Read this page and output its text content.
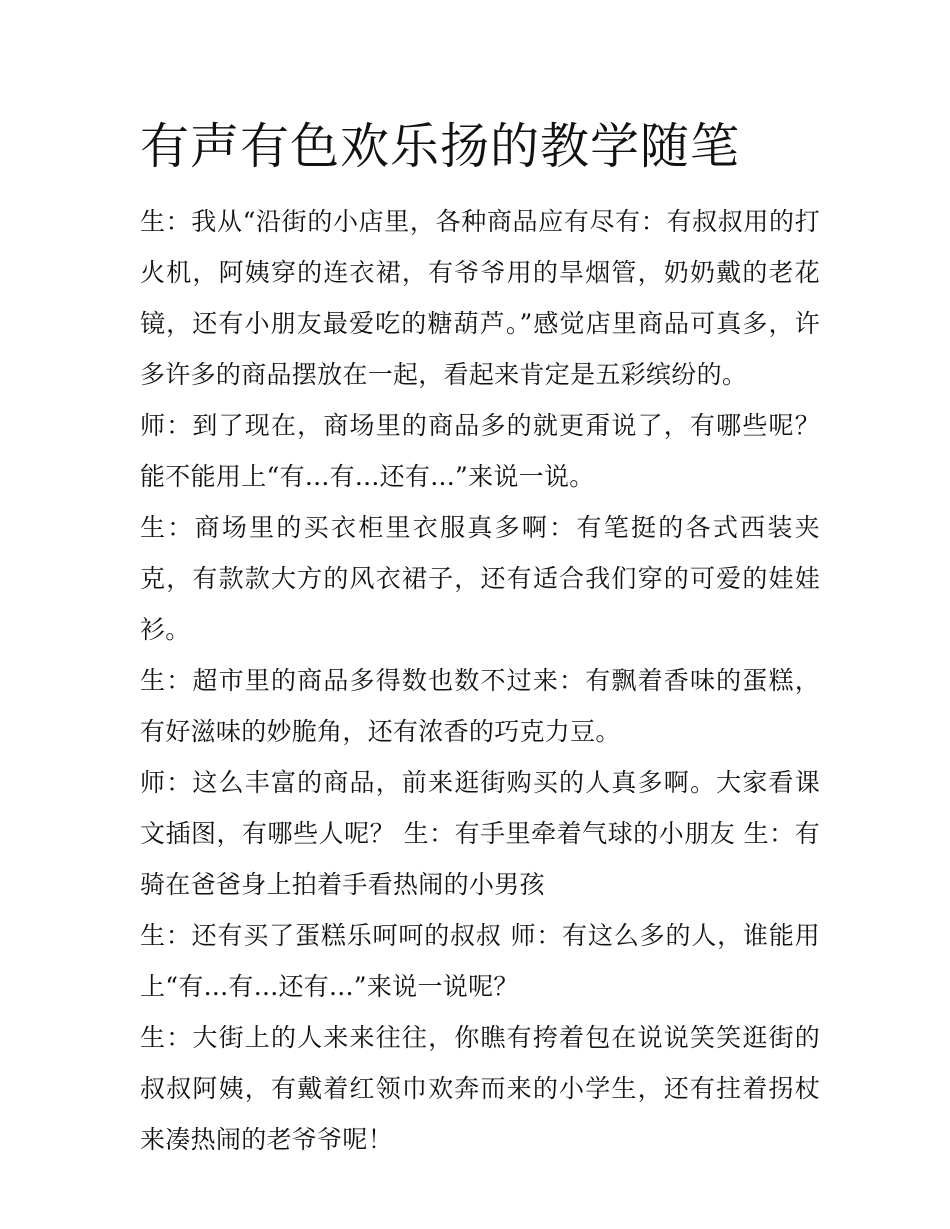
有声有色欢乐扬的教学随笔

生：我从“沿街的小店里，各种商品应有尽有：有叔叔用的打火机，阿姨穿的连衣裙，有爷爷用的旱烟管，奶奶戴的老花镜，还有小朋友最爱吃的糖葫芦。”感觉店里商品可真多，许多许多的商品摆放在一起，看起来肯定是五彩缤纷的。

师：到了现在，商场里的商品多的就更甭说了，有哪些呢？能不能用上“有...有...还有...”来说一说。

生：商场里的买衣柜里衣服真多啊：有笔挺的各式西装夹克，有款款大方的风衣裙子，还有适合我们穿的可爱的娃娃衫。

生：超市里的商品多得数也数不过来：有飘着香味的蛋糕，有好滋味的妙脆角，还有浓香的巧克力豆。

师：这么丰富的商品，前来逛街购买的人真多啊。大家看课文插图，有哪些人呢？ 生：有手里牵着气球的小朋友 生：有骑在爸爸身上拍着手看热闹的小男孩

生：还有买了蛋糕乐呵呵的叔叔 师：有这么多的人，谁能用上“有...有...还有...”来说一说呢？

生：大街上的人来来往往，你瞧有挎着包在说说笑笑逛街的叔叔阿姨，有戴着红领巾欢奔而来的小学生，还有拄着拐杖来凑热闹的老爷爷呢！
